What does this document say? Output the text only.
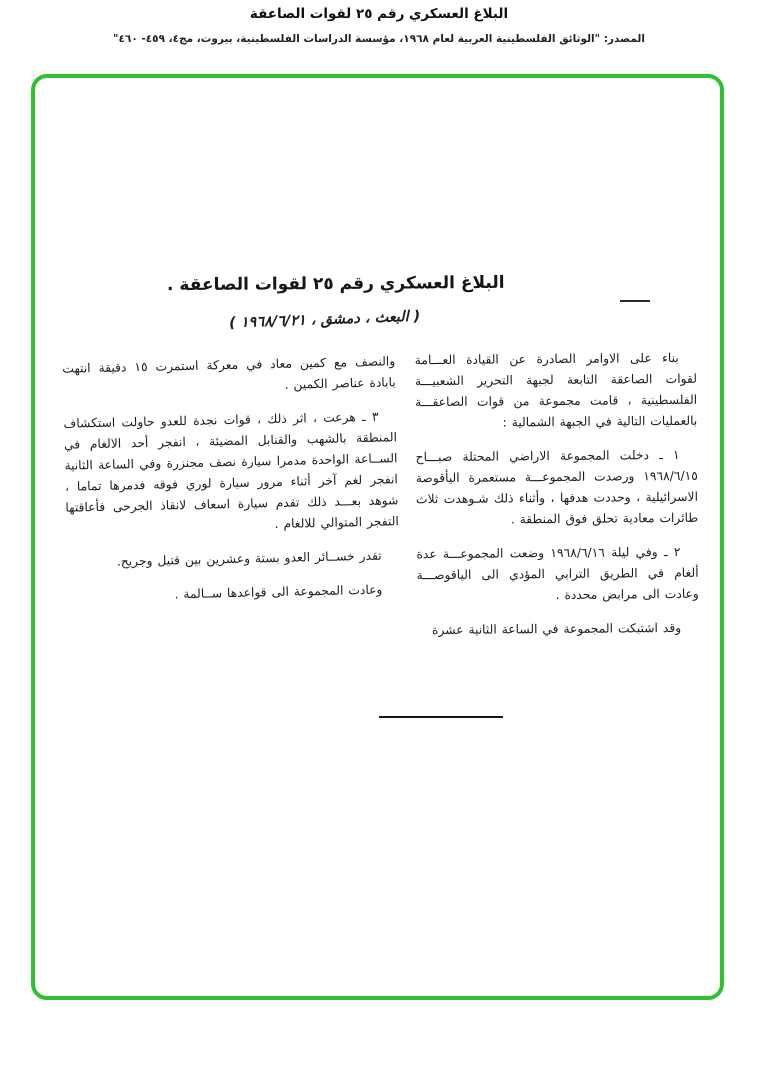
البلاغ العسكري رقم ٢٥ لقوات الصاعقة
المصدر: "الوثائق الفلسطينية العربية لعام ١٩٦٨، مؤسسة الدراسات الفلسطينية، بيروت، مج٤، ٤٥٩- ٤٦٠"
البلاغ العسكري رقم ٢٥ لقوات الصاعقة .
( البعث ، دمشق ، ١٩٦٨/٦/٢١ )

بناء على الاوامر الصادرة عن القيادة العـــامة لقوات الصاعقة التابعة لجبهة التحرير الشعبيـــة الفلسطينية ، قامت مجموعة من قوات الصاعقـــة بالعمليات التالية في الجبهة الشمالية :

١ ـ دخلت المجموعة الاراضي المحتلة صبـــاح ١٩٦٨/٦/١٥ ورصدت المجموعـــة مستعمرة اليأقوصة الاسرائيلية ، وحددت هدفها ، وأثناء ذلك شـوهدت ثلاث طائرات معادية تحلق فوق المنطقة .

٢ ـ وفي ليلة ١٩٦٨/٦/١٦ وضعت المجموعـــة عدة ألغام في الطريق الترابي المؤدي الى الياقوصـــة وعادت الى مرابض محددة .

وقد اشتبكت المجموعة في الساعة الثانية عشرة

والنصف مع كمين معاد في معركة استمرت ١٥ دقيقة انتهت بابادة عناصر الكمين .

٣ ـ هرعت ، اثر ذلك ، قوات نجدة للعدو حاولت استكشاف المنطقة بالشهب والقنابل المضيئة ، انفجر أحد الالغام في الســاعة الواحدة مدمرا سيارة نصف مجنزرة وفي الساعة الثانية انفجر لغم آخر أثناء مرور سيارة لوري فوقه فدمرها تماما ، شوهد بعـــد ذلك تقدم سيارة اسعاف لانقاذ الجرحى فأعاقتها التفجر المتوالي للالغام .

تقدر خســائر العدو بستة وعشرين بين قتيل وجريح.

وعادت المجموعة الى قواعدها ســالمة .
